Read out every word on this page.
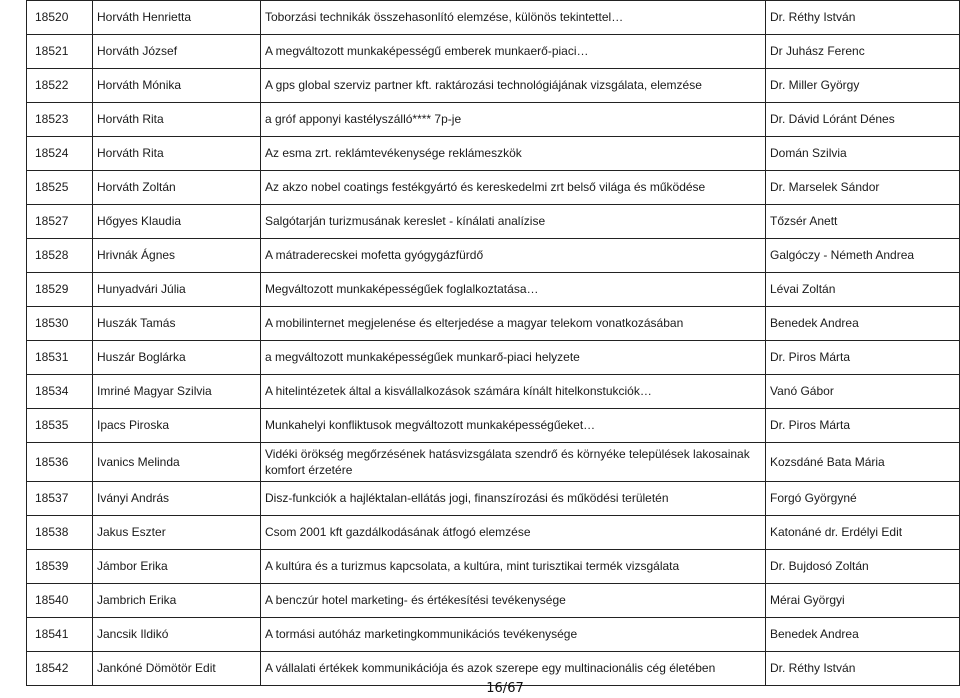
18520	Horváth Henrietta	Toborzási technikák összehasonlító elemzése, különös tekintettel…	Dr. Réthy István
18521	Horváth József	A megváltozott munkaképességű emberek munkaerő-piaci…	Dr Juhász Ferenc
18522	Horváth Mónika	A gps global szerviz partner kft. raktározási technológiájának vizsgálata, elemzése	Dr. Miller György
18523	Horváth Rita	a gróf apponyi kastélyszálló**** 7p-je	Dr. Dávid Lóránt Dénes
18524	Horváth Rita	Az esma zrt. reklámtevékenysége reklámeszkök	Domán Szilvia
18525	Horváth Zoltán	Az akzo nobel coatings festékgyártó és kereskedelmi zrt belső világa és működése	Dr. Marselek Sándor
18527	Hőgyes Klaudia	Salgótarján turizmusának kereslet - kínálati analízise	Tőzsér Anett
18528	Hrivnák Ágnes	A mátraderecskei mofetta gyógygázfürdő	Galgóczy - Németh Andrea
18529	Hunyadvári Júlia	Megváltozott munkaképességűek foglalkoztatása…	Lévai Zoltán
18530	Huszák Tamás	A mobilinternet megjelenése és elterjedése a magyar telekom vonatkozásában	Benedek Andrea
18531	Huszár Boglárka	a megváltozott munkaképességűek munkarő-piaci helyzete	Dr. Piros Márta
18534	Imriné Magyar Szilvia	A hitelintézetek által a kisvállalkozások számára kínált hitelkonstukciók…	Vanó Gábor
18535	Ipacs Piroska	Munkahelyi konfliktusok megváltozott munkaképességűeket…	Dr. Piros Márta
18536	Ivanics Melinda	Vidéki örökség megőrzésének hatásvizsgálata szendrő és környéke települések lakosainak komfort érzetére	Kozsdáné Bata Mária
18537	Iványi András	Disz-funkciók a hajléktalan-ellátás jogi, finanszírozási és működési területén	Forgó Györgyné
18538	Jakus Eszter	Csom 2001 kft gazdálkodásának átfogó elemzése	Katonáné dr. Erdélyi Edit
18539	Jámbor Erika	A kultúra és a turizmus kapcsolata, a kultúra, mint turisztikai termék vizsgálata	Dr. Bujdosó Zoltán
18540	Jambrich Erika	A benczúr hotel marketing- és értékesítési tevékenysége	Mérai Györgyi
18541	Jancsik Ildikó	A tormási autóház marketingkommunikációs tevékenysége	Benedek Andrea
18542	Jankóné Dömötör Edit	A vállalati értékek kommunikációja és azok szerepe egy multinacionális cég életében	Dr. Réthy István
16/67
